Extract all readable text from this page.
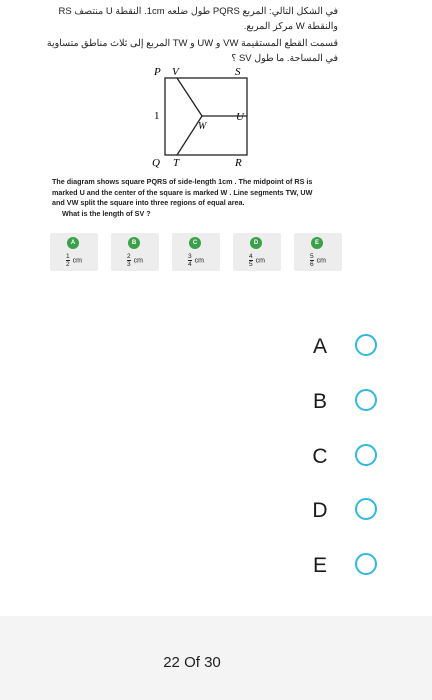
في الشكل التالي: المربع PQRS طول ضلعه 1cm. النقطة U منتصف RS والنقطة W مركز المربع.
قسمت القطع المستقيمة VW و UW و TW المربع إلى ثلاث مناطق متساوية في المساحة. ما طول SV ؟
P V	S
1
W
U
Q T	R
The diagram shows square PQRS of side-length 1cm . The midpoint of RS is
marked U and the center of the square is marked W . Line segments TW, UW
and VW split the square into three regions of equal area.
What is the length of SV ?
A
$\frac{1}{2}$ cm
B
$\frac{2}{3}$ cm
C
$\frac{3}{4}$ cm
D
$\frac{4}{5}$ cm
E
$\frac{5}{6}$ cm
A
B
C
D
E
22 Of 30
